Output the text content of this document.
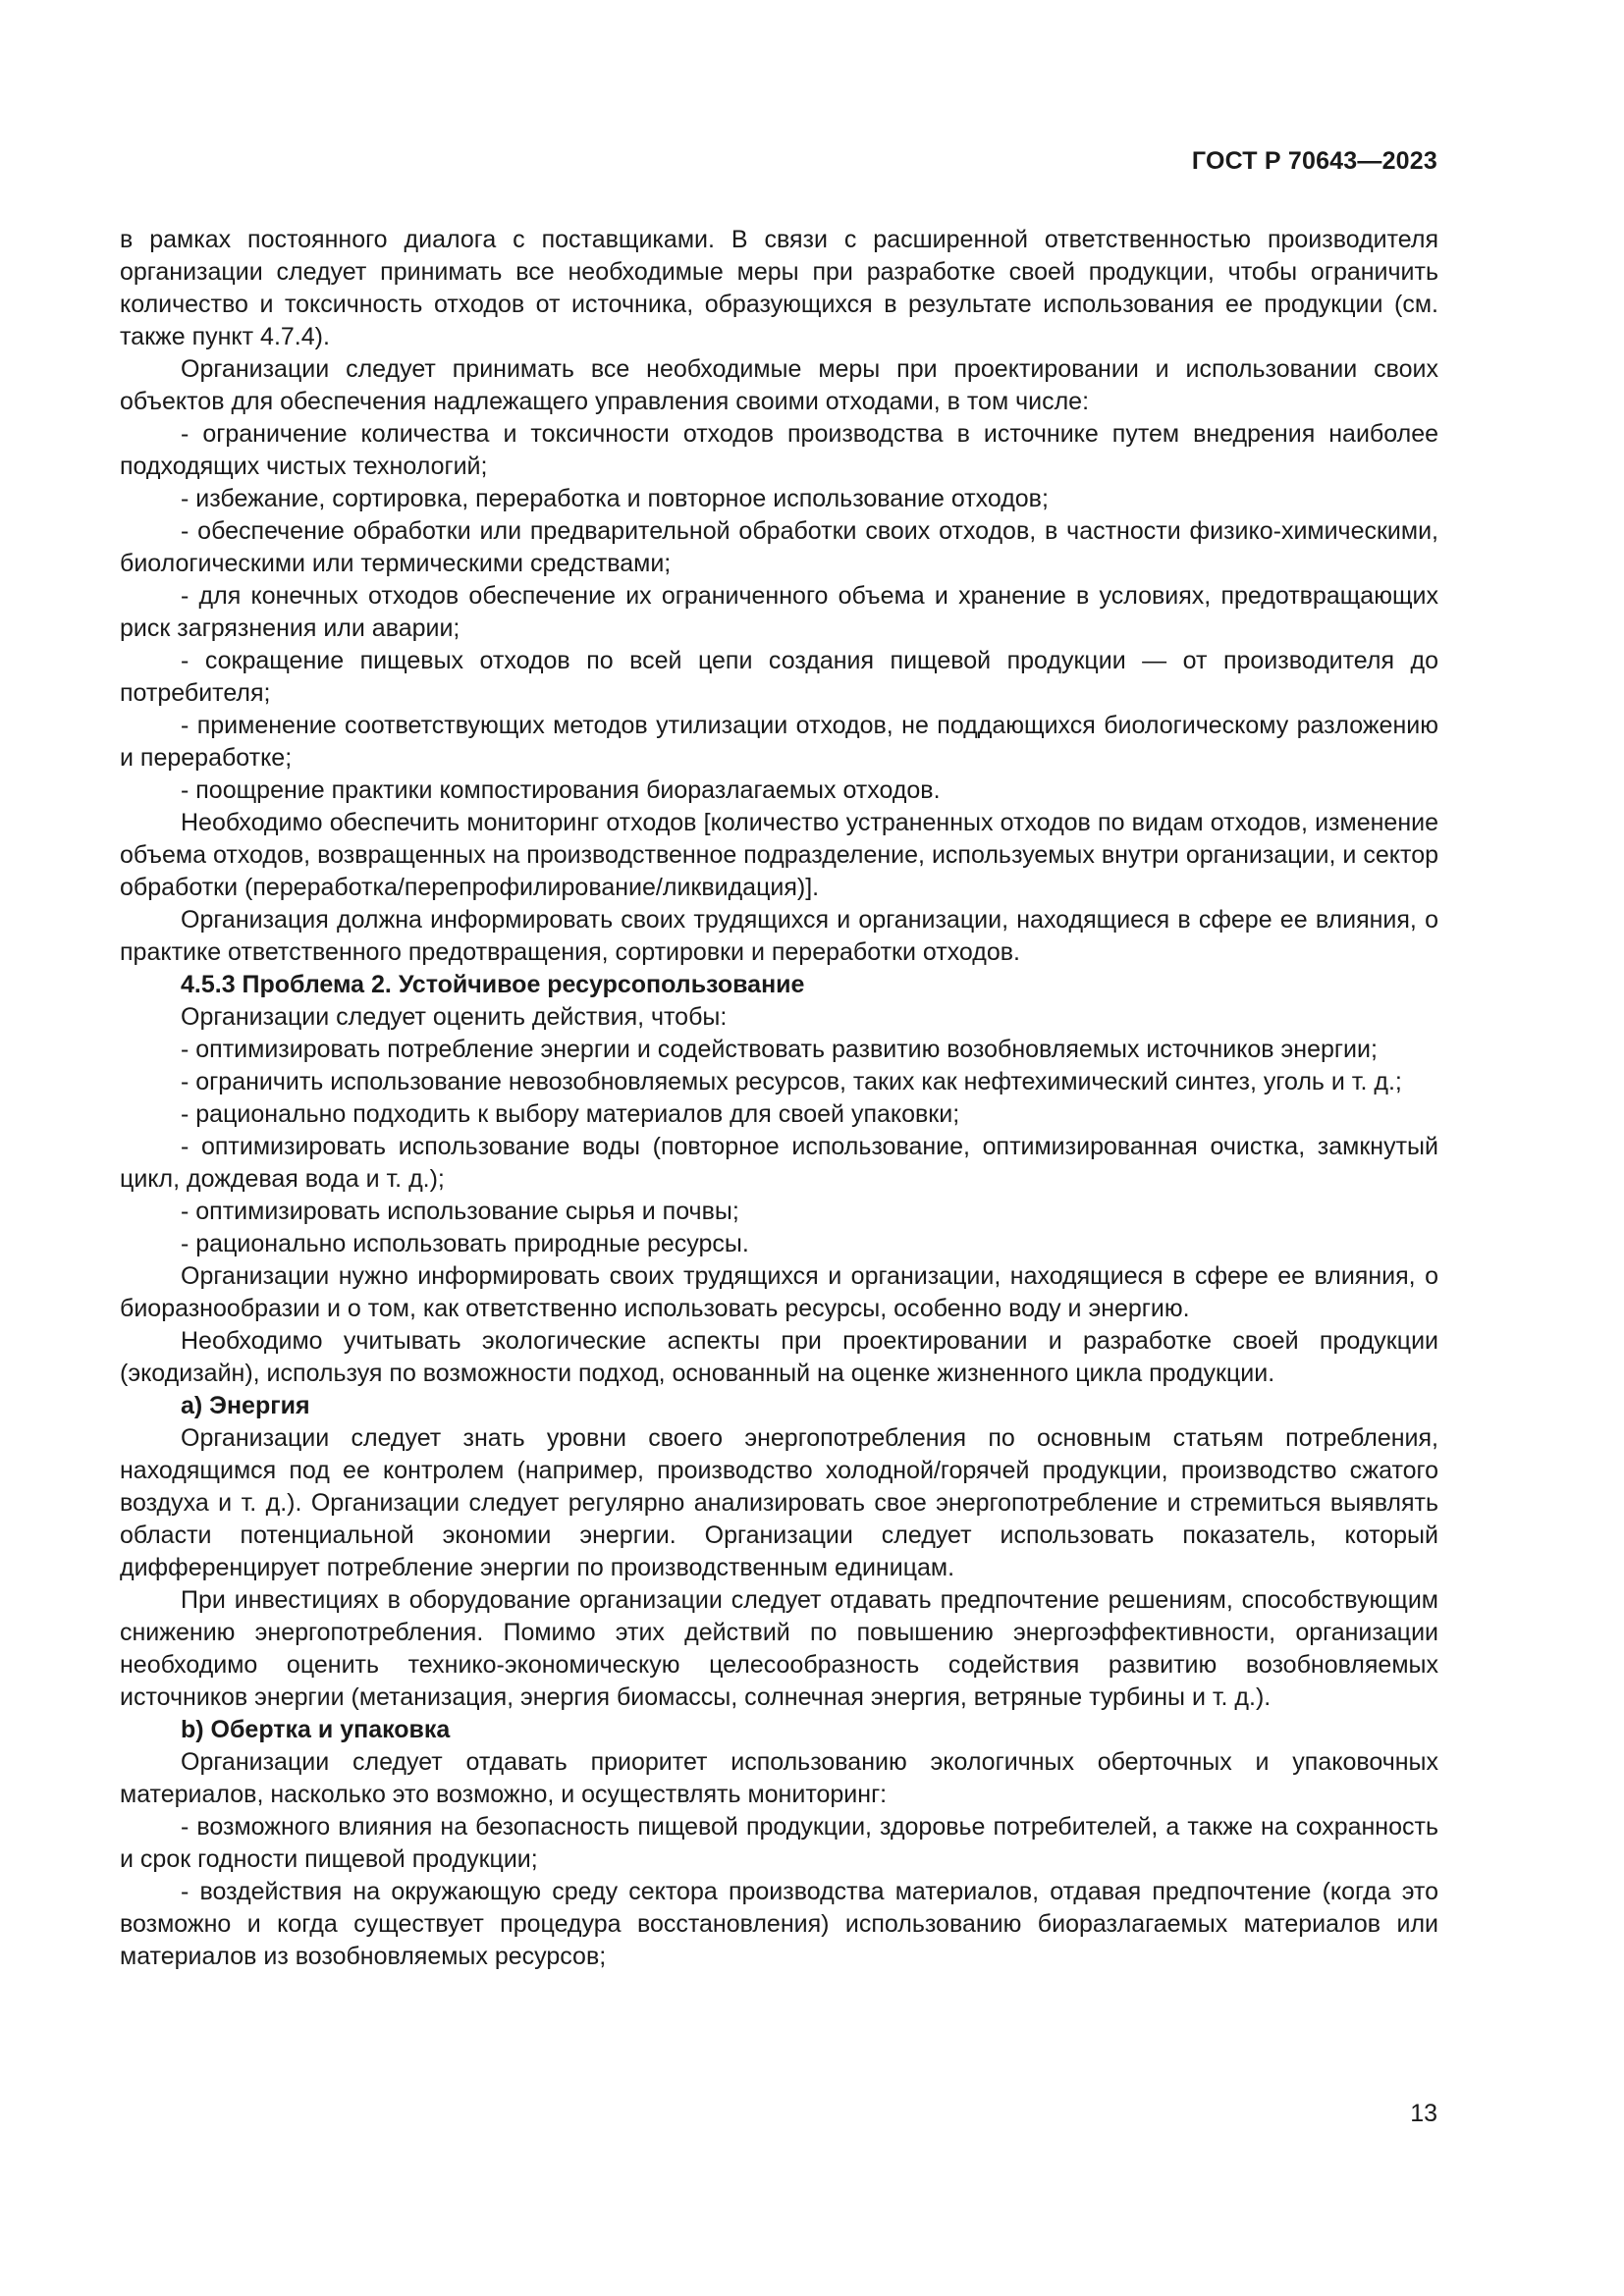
ГОСТ Р 70643—2023

в рамках постоянного диалога с поставщиками. В связи с расширенной ответственностью производителя организации следует принимать все необходимые меры при разработке своей продукции, чтобы ограничить количество и токсичность отходов от источника, образующихся в результате использования ее продукции (см. также пункт 4.7.4).

Организации следует принимать все необходимые меры при проектировании и использовании своих объектов для обеспечения надлежащего управления своими отходами, в том числе:

- ограничение количества и токсичности отходов производства в источнике путем внедрения наиболее подходящих чистых технологий;

- избежание, сортировка, переработка и повторное использование отходов;

- обеспечение обработки или предварительной обработки своих отходов, в частности физико-химическими, биологическими или термическими средствами;

- для конечных отходов обеспечение их ограниченного объема и хранение в условиях, предотвращающих риск загрязнения или аварии;

- сокращение пищевых отходов по всей цепи создания пищевой продукции — от производителя до потребителя;

- применение соответствующих методов утилизации отходов, не поддающихся биологическому разложению и переработке;

- поощрение практики компостирования биоразлагаемых отходов.

Необходимо обеспечить мониторинг отходов [количество устраненных отходов по видам отходов, изменение объема отходов, возвращенных на производственное подразделение, используемых внутри организации, и сектор обработки (переработка/перепрофилирование/ликвидация)].

Организация должна информировать своих трудящихся и организации, находящиеся в сфере ее влияния, о практике ответственного предотвращения, сортировки и переработки отходов.

4.5.3 Проблема 2. Устойчивое ресурсопользование

Организации следует оценить действия, чтобы:

- оптимизировать потребление энергии и содействовать развитию возобновляемых источников энергии;

- ограничить использование невозобновляемых ресурсов, таких как нефтехимический синтез, уголь и т. д.;

- рационально подходить к выбору материалов для своей упаковки;

- оптимизировать использование воды (повторное использование, оптимизированная очистка, замкнутый цикл, дождевая вода и т. д.);

- оптимизировать использование сырья и почвы;

- рационально использовать природные ресурсы.

Организации нужно информировать своих трудящихся и организации, находящиеся в сфере ее влияния, о биоразнообразии и о том, как ответственно использовать ресурсы, особенно воду и энергию.

Необходимо учитывать экологические аспекты при проектировании и разработке своей продукции (экодизайн), используя по возможности подход, основанный на оценке жизненного цикла продукции.

а) Энергия

Организации следует знать уровни своего энергопотребления по основным статьям потребления, находящимся под ее контролем (например, производство холодной/горячей продукции, производство сжатого воздуха и т. д.). Организации следует регулярно анализировать свое энергопотребление и стремиться выявлять области потенциальной экономии энергии. Организации следует использовать показатель, который дифференцирует потребление энергии по производственным единицам.

При инвестициях в оборудование организации следует отдавать предпочтение решениям, способствующим снижению энергопотребления. Помимо этих действий по повышению энергоэффективности, организации необходимо оценить технико-экономическую целесообразность содействия развитию возобновляемых источников энергии (метанизация, энергия биомассы, солнечная энергия, ветряные турбины и т. д.).

b) Обертка и упаковка

Организации следует отдавать приоритет использованию экологичных оберточных и упаковочных материалов, насколько это возможно, и осуществлять мониторинг:

- возможного влияния на безопасность пищевой продукции, здоровье потребителей, а также на сохранность и срок годности пищевой продукции;

- воздействия на окружающую среду сектора производства материалов, отдавая предпочтение (когда это возможно и когда существует процедура восстановления) использованию биоразлагаемых материалов или материалов из возобновляемых ресурсов;

13
